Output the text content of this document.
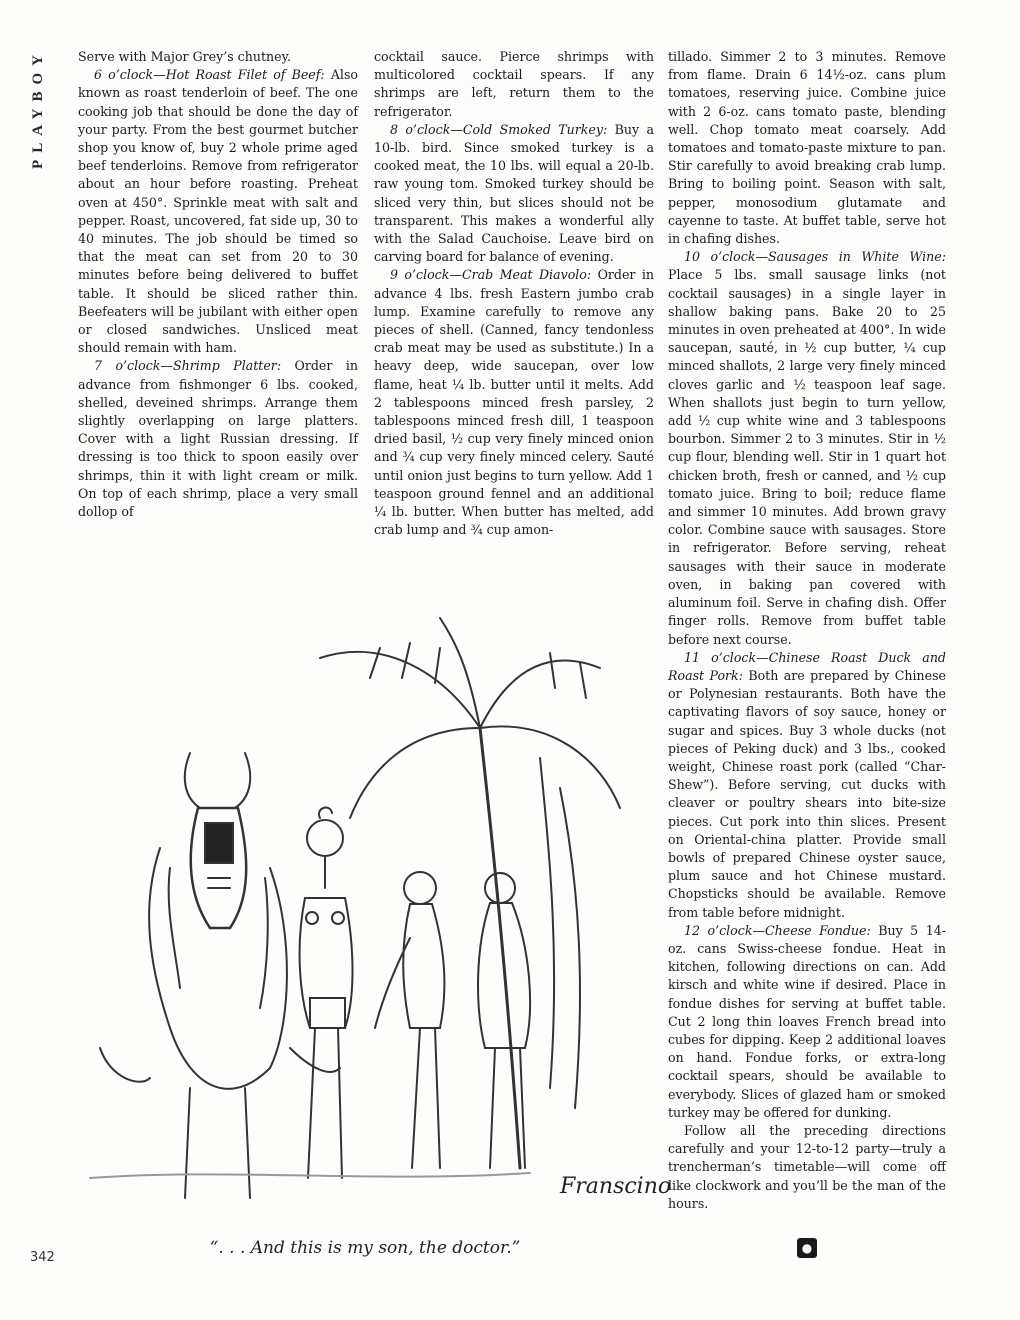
PLAYBOY	Serve with Major Grey’s chutney.

6 o’clock—Hot Roast Filet of Beef: Also known as roast tenderloin of beef. The one cooking job that should be done the day of your party. From the best gourmet butcher shop you know of, buy 2 whole prime aged beef tenderloins. Remove from refrigerator about an hour before roasting. Preheat oven at 450°. Sprinkle meat with salt and pepper. Roast, uncovered, fat side up, 30 to 40 minutes. The job should be timed so that the meat can set from 20 to 30 minutes before being delivered to buffet table. It should be sliced rather thin. Beefeaters will be jubilant with either open or closed sandwiches. Unsliced meat should remain with ham.

7 o’clock—Shrimp Platter: Order in advance from fishmonger 6 lbs. cooked, shelled, deveined shrimps. Arrange them slightly overlapping on large platters. Cover with a light Russian dressing. If dressing is too thick to spoon easily over shrimps, thin it with light cream or milk. On top of each shrimp, place a very small dollop of

cocktail sauce. Pierce shrimps with multicolored cocktail spears. If any shrimps are left, return them to the refrigerator.

8 o’clock—Cold Smoked Turkey: Buy a 10-lb. bird. Since smoked turkey is a cooked meat, the 10 lbs. will equal a 20-lb. raw young tom. Smoked turkey should be sliced very thin, but slices should not be transparent. This makes a wonderful ally with the Salad Cauchoise. Leave bird on carving board for balance of evening.

9 o’clock—Crab Meat Diavolo: Order in advance 4 lbs. fresh Eastern jumbo crab lump. Examine carefully to remove any pieces of shell. (Canned, fancy tendonless crab meat may be used as substitute.) In a heavy deep, wide saucepan, over low flame, heat ¼ lb. butter until it melts. Add 2 tablespoons minced fresh parsley, 2 tablespoons minced fresh dill, 1 teaspoon dried basil, ½ cup very finely minced onion and ¾ cup very finely minced celery. Sauté until onion just begins to turn yellow. Add 1 teaspoon ground fennel and an additional ¼ lb. butter. When butter has melted, add crab lump and ¾ cup amon-

tillado. Simmer 2 to 3 minutes. Remove from flame. Drain 6 14½-oz. cans plum tomatoes, reserving juice. Combine juice with 2 6-oz. cans tomato paste, blending well. Chop tomato meat coarsely. Add tomatoes and tomato-paste mixture to pan. Stir carefully to avoid breaking crab lump. Bring to boiling point. Season with salt, pepper, monosodium glutamate and cayenne to taste. At buffet table, serve hot in chafing dishes.

10 o’clock—Sausages in White Wine: Place 5 lbs. small sausage links (not cocktail sausages) in a single layer in shallow baking pans. Bake 20 to 25 minutes in oven preheated at 400°. In wide saucepan, sauté, in ½ cup butter, ¼ cup minced shallots, 2 large very finely minced cloves garlic and ½ teaspoon leaf sage. When shallots just begin to turn yellow, add ½ cup white wine and 3 tablespoons bourbon. Simmer 2 to 3 minutes. Stir in ½ cup flour, blending well. Stir in 1 quart hot chicken broth, fresh or canned, and ½ cup tomato juice. Bring to boil; reduce flame and simmer 10 minutes. Add brown gravy color. Combine sauce with sausages. Store in refrigerator. Before serving, reheat sausages with their sauce in moderate oven, in baking pan covered with aluminum foil. Serve in chafing dish. Offer finger rolls. Remove from buffet table before next course.

11 o’clock—Chinese Roast Duck and Roast Pork: Both are prepared by Chinese or Polynesian restaurants. Both have the captivating flavors of soy sauce, honey or sugar and spices. Buy 3 whole ducks (not pieces of Peking duck) and 3 lbs., cooked weight, Chinese roast pork (called “Char-Shew”). Before serving, cut ducks with cleaver or poultry shears into bite-size pieces. Cut pork into thin slices. Present on Oriental-china platter. Provide small bowls of prepared Chinese oyster sauce, plum sauce and hot Chinese mustard. Chopsticks should be available. Remove from table before midnight.

12 o’clock—Cheese Fondue: Buy 5 14-oz. cans Swiss-cheese fondue. Heat in kitchen, following directions on can. Add kirsch and white wine if desired. Place in fondue dishes for serving at buffet table. Cut 2 long thin loaves French bread into cubes for dipping. Keep 2 additional loaves on hand. Fondue forks, or extra-long cocktail spears, should be available to everybody. Slices of glazed ham or smoked turkey may be offered for dunking.

Follow all the preceding directions carefully and your 12-to-12 party—truly a trencherman’s timetable—will come off like clockwork and you’ll be the man of the hours.

Franscino
“. . . And this is my son, the doctor.”
342
●
